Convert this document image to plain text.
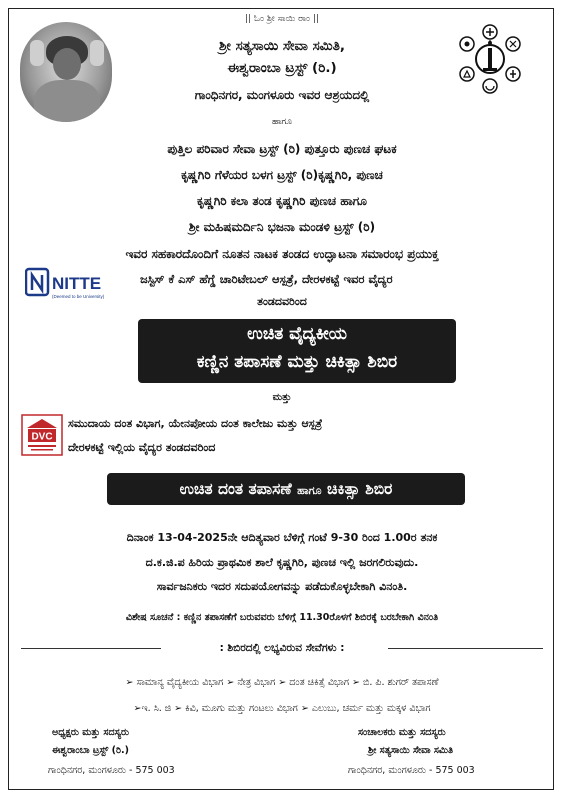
|| ಓಂ ಶ್ರೀ ಸಾಯಿ ರಾಂ ||
ಶ್ರೀ ಸತ್ಯಸಾಯಿ ಸೇವಾ ಸಮಿತಿ,
ಈಶ್ವರಾಂಬಾ ಟ್ರಸ್ಟ್ (ರಿ.)
ಗಾಂಧಿನಗರ, ಮಂಗಳೂರು ಇವರ ಆಶ್ರಯದಲ್ಲಿ
ಹಾಗೂ
ಪುತ್ತಿಲ ಪರಿವಾರ ಸೇವಾ ಟ್ರಸ್ಟ್ (ರಿ) ಪುತ್ತೂರು ಪುಣಚ ಘಟಕ
ಕೃಷ್ಣಗಿರಿ ಗೆಳೆಯರ ಬಳಗ ಟ್ರಸ್ಟ್ (ರಿ)ಕೃಷ್ಣಗಿರಿ, ಪುಣಚ
ಕೃಷ್ಣಗಿರಿ ಕಲಾ ತಂಡ ಕೃಷ್ಣಗಿರಿ ಪುಣಚ ಹಾಗೂ
ಶ್ರೀ ಮಹಿಷಮರ್ದಿನಿ ಭಜನಾ ಮಂಡಳಿ ಟ್ರಸ್ಟ್ (ರಿ)
ಇವರ ಸಹಕಾರದೊಂದಿಗೆ ನೂತನ ನಾಟಕ ತಂಡದ ಉದ್ಘಾಟನಾ ಸಮಾರಂಭ ಪ್ರಯುಕ್ತ
NITTE
(Deemed to be University)
ಜಸ್ಟಿಸ್ ಕೆ ಎಸ್ ಹೆಗ್ಡೆ ಚಾರಿಟೇಬಲ್ ಆಸ್ಪತ್ರೆ, ದೇರಳಕಟ್ಟೆ ಇವರ ವೈದ್ಯರ
ತಂಡದವರಿಂದ
ಉಚಿತ ವೈದ್ಯಕೀಯ
ಕಣ್ಣಿನ ತಪಾಸಣೆ ಮತ್ತು ಚಿಕಿತ್ಸಾ ಶಿಬಿರ
ಮತ್ತು
DVC
ಸಮುದಾಯ ದಂತ ವಿಭಾಗ, ಯೇನಪೋಯ ದಂತ ಕಾಲೇಜು ಮತ್ತು ಆಸ್ಪತ್ರೆ
ದೇರಳಕಟ್ಟೆ ಇಲ್ಲಿಯ ವೈದ್ಯರ ತಂಡದವರಿಂದ
ಉಚಿತ ದಂತ ತಪಾಸಣೆ ಹಾಗೂ ಚಿಕಿತ್ಸಾ ಶಿಬಿರ
ದಿನಾಂಕ 13-04-2025ನೇ ಆದಿತ್ಯವಾರ ಬೆಳಿಗ್ಗೆ ಗಂಟೆ 9-30 ರಿಂದ 1.00ರ ತನಕ
ದ.ಕ.ಜಿ.ಪ ಹಿರಿಯ ಪ್ರಾಥಮಿಕ ಶಾಲೆ ಕೃಷ್ಣಗಿರಿ, ಪುಣಚ ಇಲ್ಲಿ ಜರಗಲಿರುವುದು.
ಸಾರ್ವಜನಿಕರು ಇದರ ಸದುಪಯೋಗವನ್ನು ಪಡೆದುಕೊಳ್ಳಬೇಕಾಗಿ ವಿನಂತಿ.
ವಿಶೇಷ ಸೂಚನೆ : ಕಣ್ಣಿನ ತಪಾಸಣೆಗೆ ಬರುವವರು ಬೆಳಿಗ್ಗೆ 11.30ರೊಳಗೆ ಶಿಬಿರಕ್ಕೆ ಬರಬೇಕಾಗಿ ವಿನಂತಿ
: ಶಿಬಿರದಲ್ಲಿ ಲಭ್ಯವಿರುವ ಸೇವೆಗಳು :
➢ ಸಾಮಾನ್ಯ ವೈದ್ಯಕೀಯ ವಿಭಾಗ ➢ ನೇತ್ರ ವಿಭಾಗ ➢ ದಂತ ಚಿಕಿತ್ಸೆ ವಿಭಾಗ ➢ ಬಿ. ಪಿ. ಶುಗರ್ ತಪಾಸಣೆ
➢ಇ. ಸಿ. ಜಿ ➢ ಕಿವಿ, ಮೂಗು ಮತ್ತು ಗಂಟಲು ವಿಭಾಗ ➢ ಎಲುಬು, ಚರ್ಮ ಮತ್ತು ಮಕ್ಕಳ ವಿಭಾಗ
ಅಧ್ಯಕ್ಷರು ಮತ್ತು ಸದಸ್ಯರು
ಈಶ್ವರಾಂಬಾ ಟ್ರಸ್ಟ್ (ರಿ.)
ಗಾಂಧಿನಗರ, ಮಂಗಳೂರು - 575 003
ಸಂಚಾಲಕರು ಮತ್ತು ಸದಸ್ಯರು
ಶ್ರೀ ಸತ್ಯಸಾಯಿ ಸೇವಾ ಸಮಿತಿ
ಗಾಂಧಿನಗರ, ಮಂಗಳೂರು - 575 003
